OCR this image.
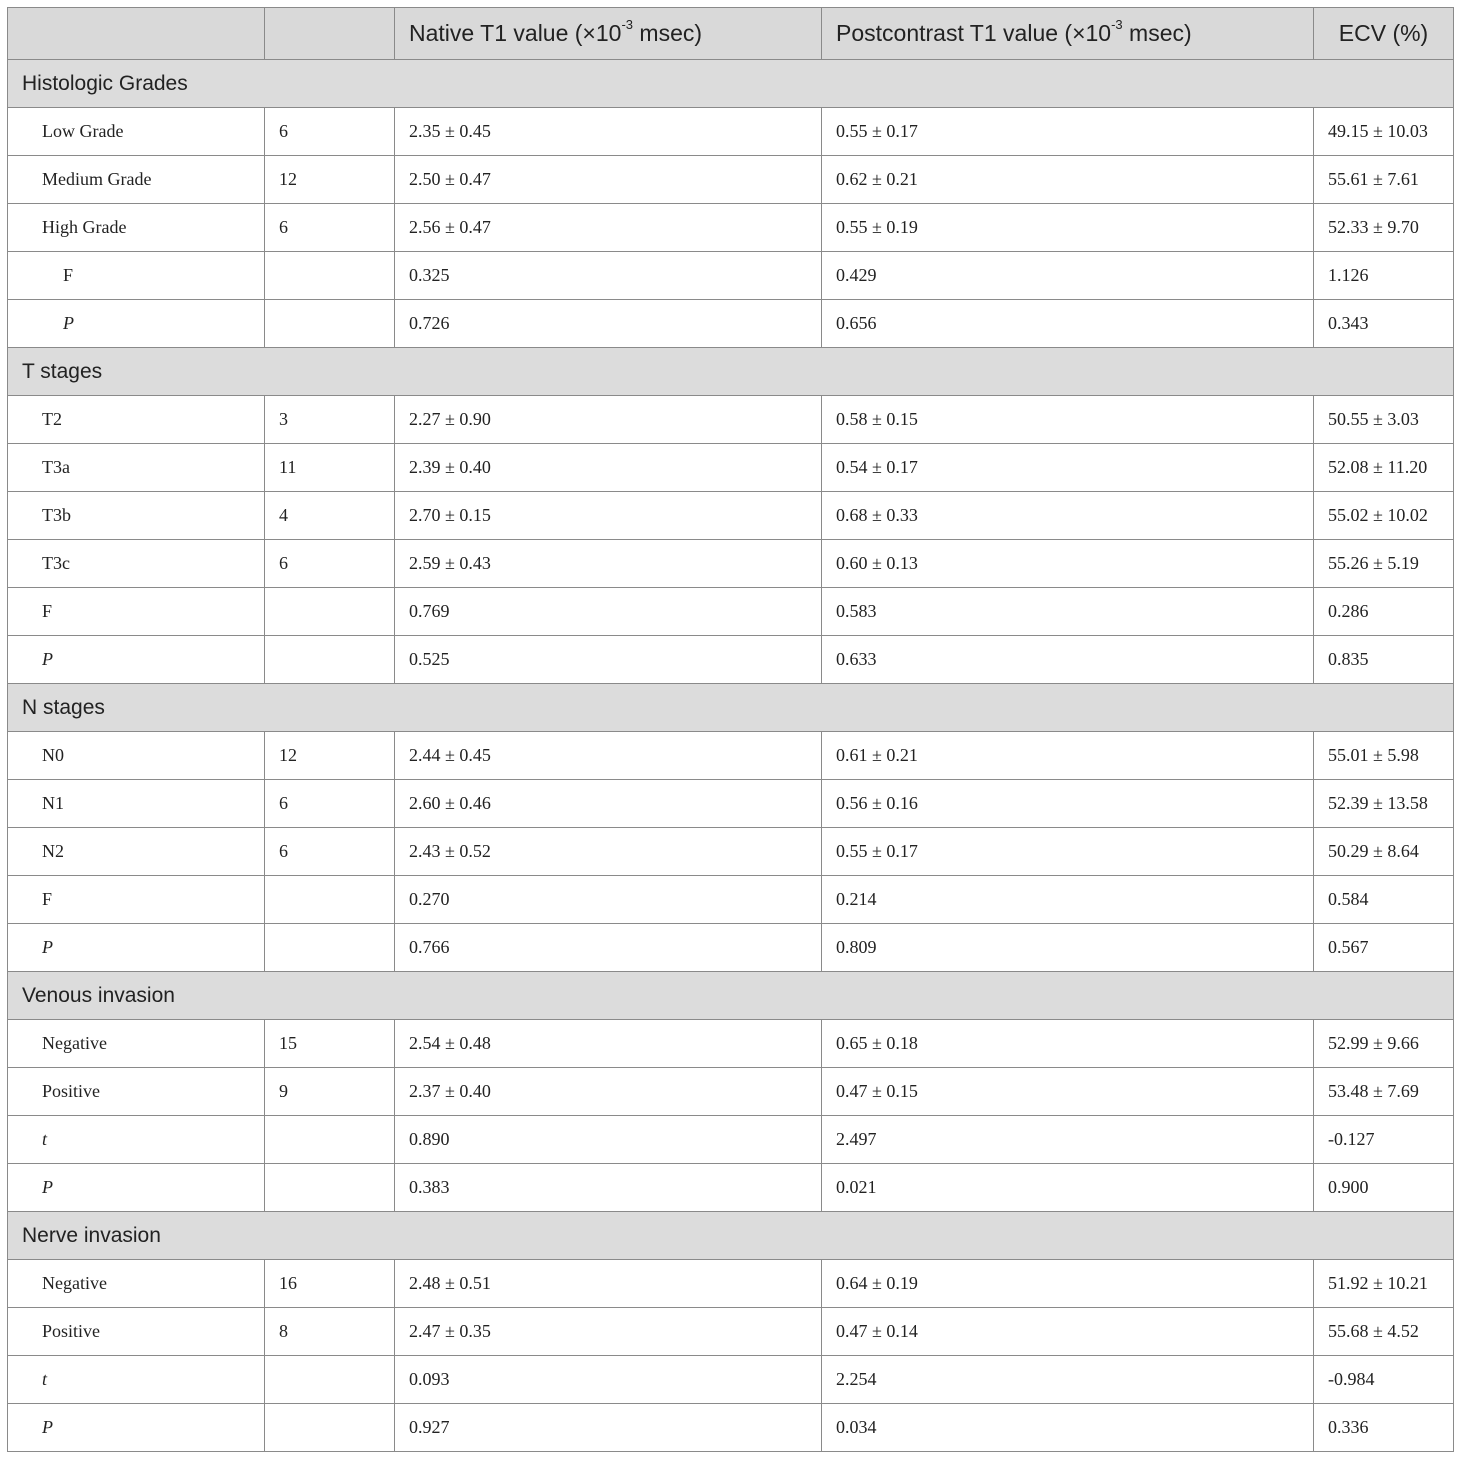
		Native T1 value ($\times 10^{-3}$ msec)	Postcontrast T1 value ($\times 10^{-3}$ msec)	ECV (%)
Histologic Grades				
Low Grade	6	2.35 ± 0.45	0.55 ± 0.17	49.15 ± 10.03
Medium Grade	12	2.50 ± 0.47	0.62 ± 0.21	55.61 ± 7.61
High Grade	6	2.56 ± 0.47	0.55 ± 0.19	52.33 ± 9.70
F		0.325	0.429	1.126
P		0.726	0.656	0.343
T stages				
T2	3	2.27 ± 0.90	0.58 ± 0.15	50.55 ± 3.03
T3a	11	2.39 ± 0.40	0.54 ± 0.17	52.08 ± 11.20
T3b	4	2.70 ± 0.15	0.68 ± 0.33	55.02 ± 10.02
T3c	6	2.59 ± 0.43	0.60 ± 0.13	55.26 ± 5.19
F		0.769	0.583	0.286
P		0.525	0.633	0.835
N stages				
N0	12	2.44 ± 0.45	0.61 ± 0.21	55.01 ± 5.98
N1	6	2.60 ± 0.46	0.56 ± 0.16	52.39 ± 13.58
N2	6	2.43 ± 0.52	0.55 ± 0.17	50.29 ± 8.64
F		0.270	0.214	0.584
P		0.766	0.809	0.567
Venous invasion				
Negative	15	2.54 ± 0.48	0.65 ± 0.18	52.99 ± 9.66
Positive	9	2.37 ± 0.40	0.47 ± 0.15	53.48 ± 7.69
t		0.890	2.497	-0.127
P		0.383	0.021	0.900
Nerve invasion				
Negative	16	2.48 ± 0.51	0.64 ± 0.19	51.92 ± 10.21
Positive	8	2.47 ± 0.35	0.47 ± 0.14	55.68 ± 4.52
t		0.093	2.254	-0.984
P		0.927	0.034	0.336
